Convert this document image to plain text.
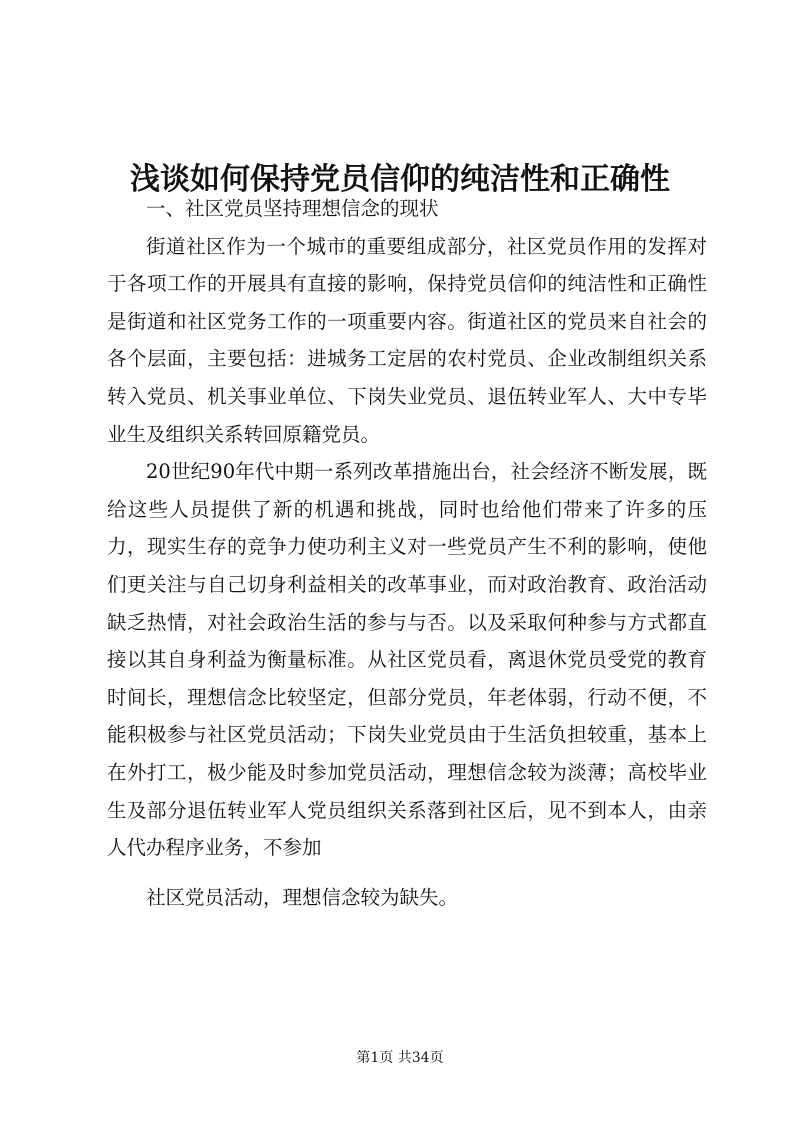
浅谈如何保持党员信仰的纯洁性和正确性

一、社区党员坚持理想信念的现状

街道社区作为一个城市的重要组成部分，社区党员作用的发挥对于各项工作的开展具有直接的影响，保持党员信仰的纯洁性和正确性是街道和社区党务工作的一项重要内容。街道社区的党员来自社会的各个层面，主要包括：进城务工定居的农村党员、企业改制组织关系转入党员、机关事业单位、下岗失业党员、退伍转业军人、大中专毕业生及组织关系转回原籍党员。

20世纪90年代中期一系列改革措施出台，社会经济不断发展，既给这些人员提供了新的机遇和挑战，同时也给他们带来了许多的压力，现实生存的竞争力使功利主义对一些党员产生不利的影响，使他们更关注与自己切身利益相关的改革事业，而对政治教育、政治活动缺乏热情，对社会政治生活的参与与否。以及采取何种参与方式都直接以其自身利益为衡量标准。从社区党员看，离退休党员受党的教育时间长，理想信念比较坚定，但部分党员，年老体弱，行动不便，不能积极参与社区党员活动；下岗失业党员由于生活负担较重，基本上在外打工，极少能及时参加党员活动，理想信念较为淡薄；高校毕业生及部分退伍转业军人党员组织关系落到社区后，见不到本人，由亲人代办程序业务，不参加

社区党员活动，理想信念较为缺失。

第1页 共34页
